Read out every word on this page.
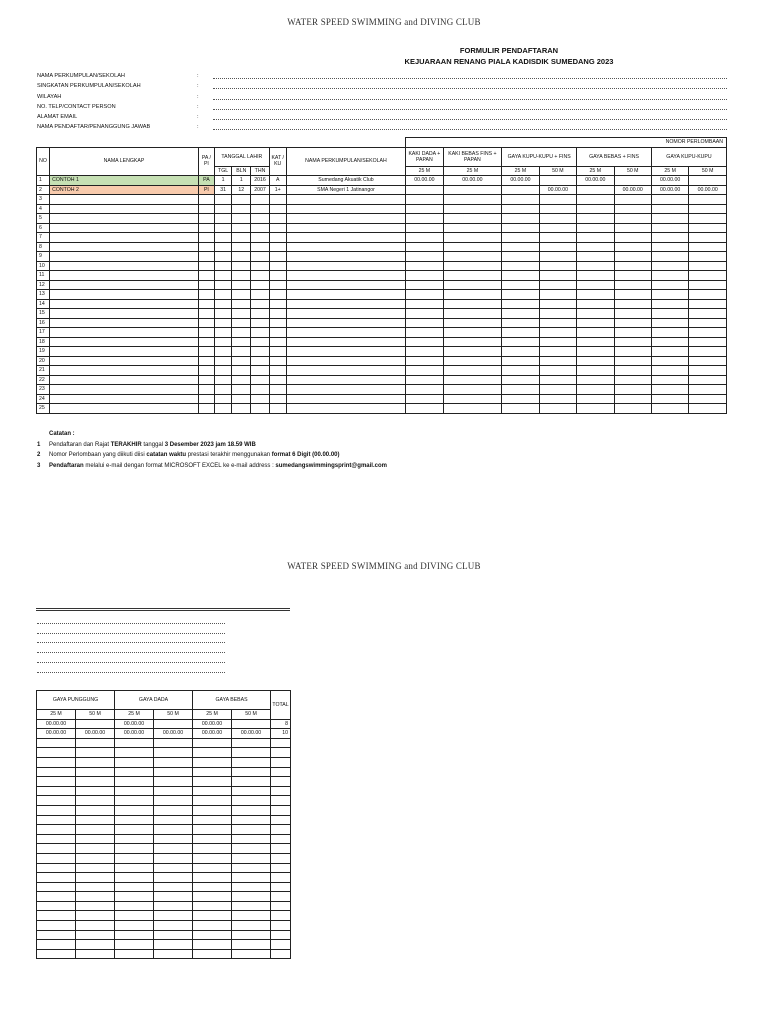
WATER SPEED SWIMMING and DIVING CLUB
FORMULIR PENDAFTARAN
KEJUARAAN RENANG PIALA KADISDIK SUMEDANG 2023
NAMA PERKUMPULAN/SEKOLAH	:
SINGKATAN PERKUMPULAN/SEKOLAH	:
WILAYAH	:
NO. TELP/CONTACT PERSON	:
ALAMAT EMAIL	:
NAMA PENDAFTAR/PENANGGUNG JAWAB	:
								NOMOR PERLOMBAAN							
NO	NAMA LENGKAP	PA / PI	TANGGAL LAHIR			KAT / KU	NAMA PERKUMPULAN/SEKOLAH	KAKI DADA + PAPAN	KAKI BEBAS FINS + PAPAN	GAYA KUPU-KUPU + FINS		GAYA BEBAS + FINS		GAYA KUPU-KUPU	
			TGL	BLN	THN			25 M	25 M	25 M	50 M	25 M	50 M	25 M	50 M
1	CONTOH 1	PA	1	1	2016	A	Sumedang Akuatik Club	00.00.00	00.00.00	00.00.00		00.00.00		00.00.00	
2	CONTOH 2	PI	31	12	2007	1+	SMA Negeri 1 Jatinangor				00.00.00		00.00.00	00.00.00	00.00.00
3															
4															
5															
6															
7															
8															
9															
10															
11															
12															
13															
14															
15															
16															
17															
18															
19															
20															
21															
22															
23															
24															
25															
Catatan :
1 Pendaftaran dan Rajat TERAKHIR tanggal 3 Desember 2023 jam 18.59 WIB
2 Nomor Perlombaan yang diikuti diisi catatan waktu prestasi terakhir menggunakan format 6 Digit (00.00.00)
3 Pendaftaran melalui e-mail dengan format MICROSOFT EXCEL ke e-mail address : sumedangswimmingsprint@gmail.com
WATER SPEED SWIMMING and DIVING CLUB
GAYA PUNGGUNG		GAYA DADA		GAYA BEBAS		TOTAL
25 M	50 M	25 M	50 M	25 M	50 M	
00.00.00		00.00.00		00.00.00		8
00.00.00	00.00.00	00.00.00	00.00.00	00.00.00	00.00.00	10
